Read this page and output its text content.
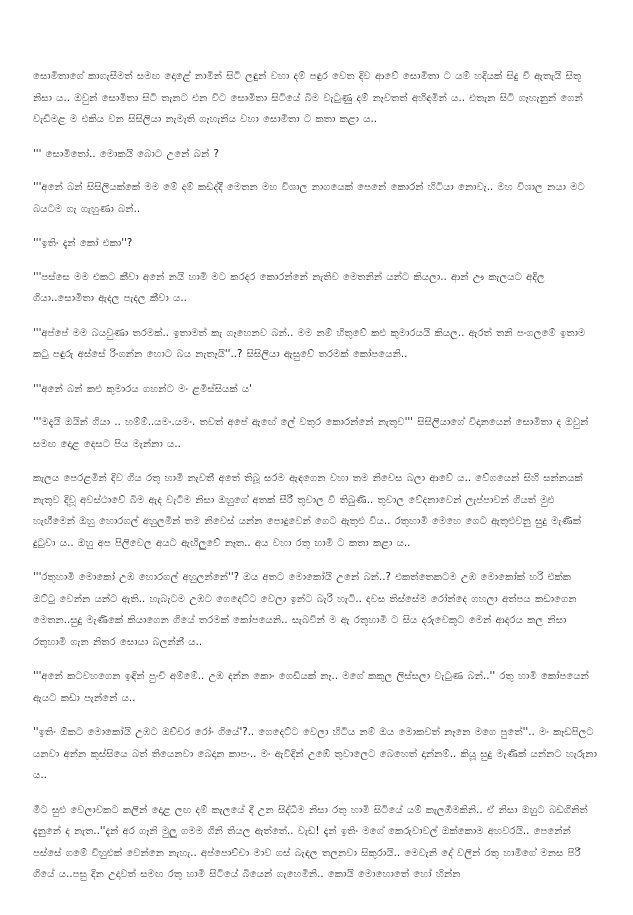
සොමිතාගේ කාගැසීමත් සමඟ දොළේ නාමින් සිටි ලඳුන් වහා දම් පඳුර වෙත දිව ආවේ සොමිතා ට යම් හදියක් සිදු වී ඇතැයි සිතූ නිසා ය.. ඔවුන් සොමිතා සිටි තැනට එන විට සොමිතා සිටියේ බිම වැටුණු දම් නෑවතත් අහිඳමින් ය.. එතැන සිටි ගෑහැනුන් ගෙන් වැඩිමළ ම එකිය වන සිසිලියා නැමැති ගෑහැනිය වහා සොමිතා ට කතා කළා ය..

''' සොමිතෝ.. මොකයි බොට උනේ බන් ?

'''අනේ බන් සිසිලියක්කේ මම මේ දම් කඩද්දී මෙතන මහ විශාල නාගයෙක් පෙනේ කොරන් හිටියා නොවැ.. මහ විශාල නයා මට බයටම ගැ ගැහුණා බන්..

'''ඉතිං දැන් කෝ එකා''?

'''පස්සෙ මම එකට කීවා අනේ නයි හාමි මට කරදර කොරන්නේ නැතිව මෙතනින් යන්ට කියලා.. ආන් ඌ කැලයට අදිල ගියා..සොමිතා ඇදල පැදල කීවා ය..

'''අප්පේ මම බයවුණා තරමක්.. ඉතාමත් කැ ගෑහෙනව බන්.. මම නම් හිතුවේ කළු කුමාරයයි කියල.. ඇරත් තනි පංගලමේ ඉතාම කටු පඳුරු අස්සේ රිංගන්න හොට බය නැතෑයි''..? සිසිලියා ඇසුවේ තරමක් කෝපයෙනි..

'''අනේ බන් කළු කුමාරය ගහන්ට මං ළමිස්සියක් ය'

'''මදැයි ඔයින් ගියා .. හම්ම්..යමං.යමං. තවත් අපේ ඇඟේ ලේ වතුර කොරන්නේ නැතුව''' සිසිලියාගේ විදානයෙන් සොමිතා ද ඔවුන් සමඟ දොළ දෙසට පිය මැන්නා ය..

කැලය පෙරළමින් දිව ගිය රතු හාමි නැවතී අතේ තිබූ සරම ඇඳගෙන වහා තම නිවෙස බලා ආවේ ය.. වේගයෙන් සිහි සන්නයක් නැතුව දිවූ අවස්ථාවේ බිම ඇද වැටීම නිසා ඔහුගේ අතක් සීරී තුවාල වී තිබුණි.. තුවාල වේදනාවෙන් ලැප්පාවන් ගියත් මුළු හැඟීමෙන් ඔහු හොරගල් අහුලමින් තම නිවෙස් යන්න පොදුවෙන් ගෙට ඇතුළු විය.. රතුහාමි මෙහෙ ගෙට ඇතුළුවනු සුදු මැණික් දුටුවා ය.. ඔහු අප පිලිවෙල අයට ඇඟිලුවේ නෑත.. අය වහා රතු හාමි ට කතා කළා ය..

'''රතුහාමි මොකෝ උඹ හොරගල් අහුලන්නේ''? ඔය අතට මොකෝයි උනේ බන්..? එකත්තෙකටම උඹ මොකෝක් හරි එක්ක ඔට්ටු වෙන්න යන්ට ඇති.. හැබැටම උඹට ගෙදෙට්ට වෙලා ඉන්ට බැරි හැටි.. දවස තිස්සේම රෝන්දෙ ගහලා අත්පය කඩාගෙන මෙතන..සුදු මැණිකේ කියාගෙන ගියේ තරමක් කෝපයෙනි.. සැබවින් ම ඇ රතුහාමි ට සිය දරුවෙකුට මෙන් ආදරය කල නිසා රතුහාමි ගැන නිතර සොයා බලන්නී ය..

'''අනේ කටවහගෙන ඉඳින් පුංචි අම්මේ.. උඹ දන්න කොං ගෙඩියක් නෑ.. මගේ කකුල ලිස්සලා වැටුණ බන්..'' රතු හාමි කෝපයෙන් ඇයට කඩා පැන්නේ ය..

''ඉතිං ඕකට මොකෝයි උඹට ඔච්චර රෝං ගියේ'?.. ගෙදෙට්ට වෙලා හිටිය නම් ඔය මොකවත් නෑනෙ මගෙ පුතේ''.. මං කෑඩපිලට යනවා අන්න කුස්සියෙ බත් තියෙනවා බෙදාන කාපං.. මං ඇවිදින් උඹේ තුවාලෙට බෙහෙත් දාන්නම්.. කියූ සුදු මැණික් යන්නට හැරුනා ය..

මීට සුළු වෙලාවකට කලින් දොළ ලඟ දම් කැලයේ දී උන සිද්ධීම නිසා රතු හාමි සිටියේ යම් කැලඹීමකිනි.. ඒ නිසා ඔහුට බඩගිනිත් දැනුනේ ද නැත..''දැන් අර ගෑනි මුලු ගමම ගිනි තියල ඇත්තේ.. වැඩ! දැන් ඉතිං මගේ කෙරුවාවල් ඔක්කොම අහවරයි.. පෙනේන් පස්සේ ගමේ විහුළුක් වෙන්නෙ නැහැ.. අප්පොච්චා මාව ගස් බැඳල තලනවා සිකුරායි.. මෙවැනි දේ වලින් රතු හාමිගේ මනස පිරී ගියේ ය..පසු දින උදාවත් සමඟ රතු හාමි සිටියේ බියෙන් ගැහෙමිනි.. කොයි මොහොතේ හෝ හින්න
